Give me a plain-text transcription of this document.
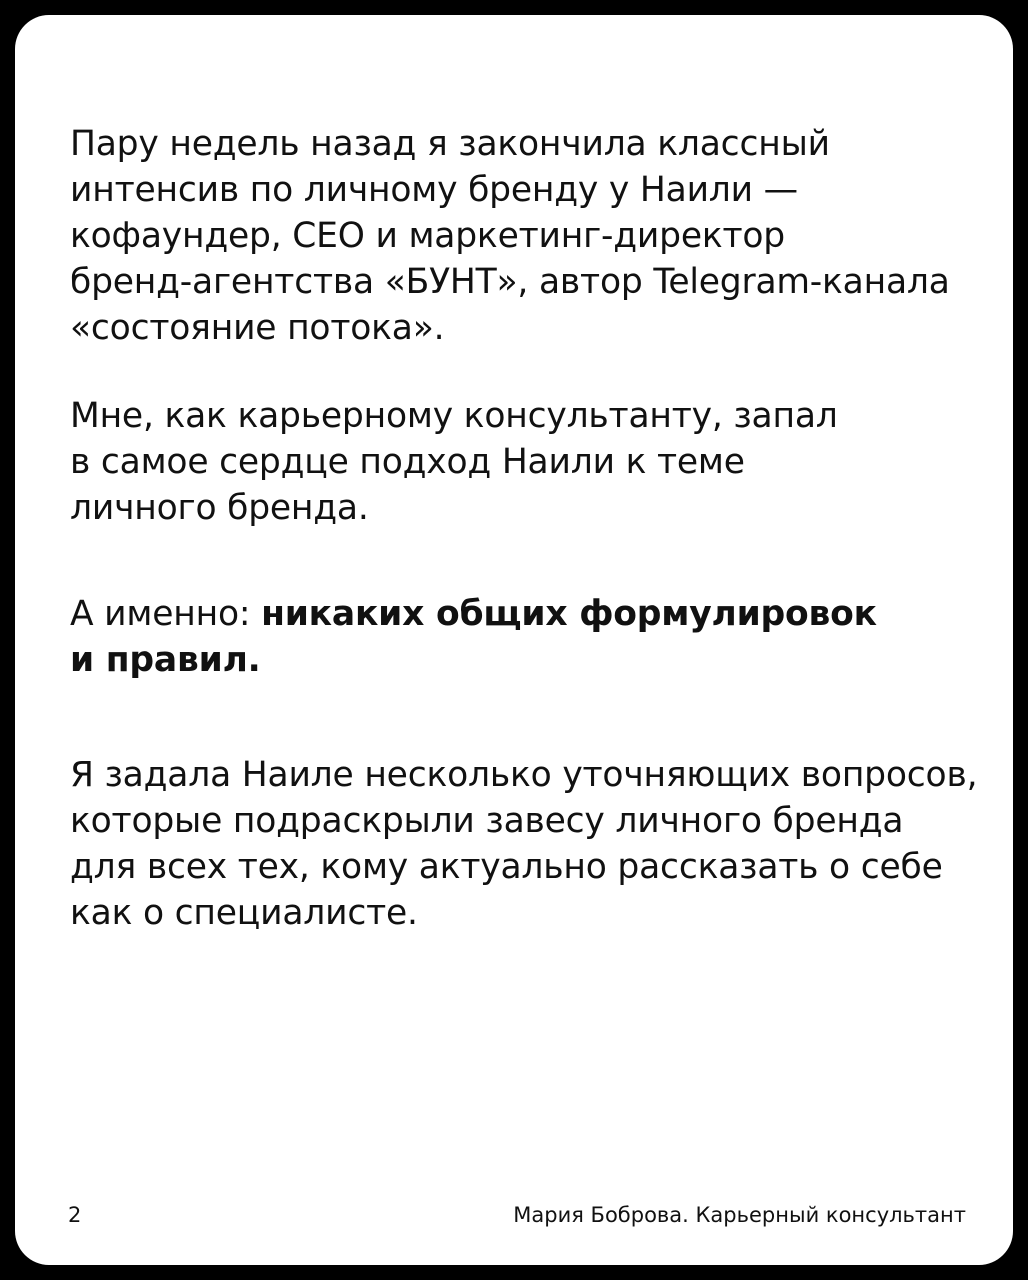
Пару недель назад я закончила классный
интенсив по личному бренду у Наили —
кофаундер, CEO и маркетинг-директор
бренд-агентства «БУНТ», автор Telegram-канала
«состояние потока».

Мне, как карьерному консультанту, запал
в самое сердце подход Наили к теме
личного бренда.

А именно: никаких общих формулировок
и правил.

Я задала Наиле несколько уточняющих вопросов,
которые подраскрыли завесу личного бренда
для всех тех, кому актуально рассказать о себе
как о специалисте.

2	Мария Боброва. Карьерный консультант
